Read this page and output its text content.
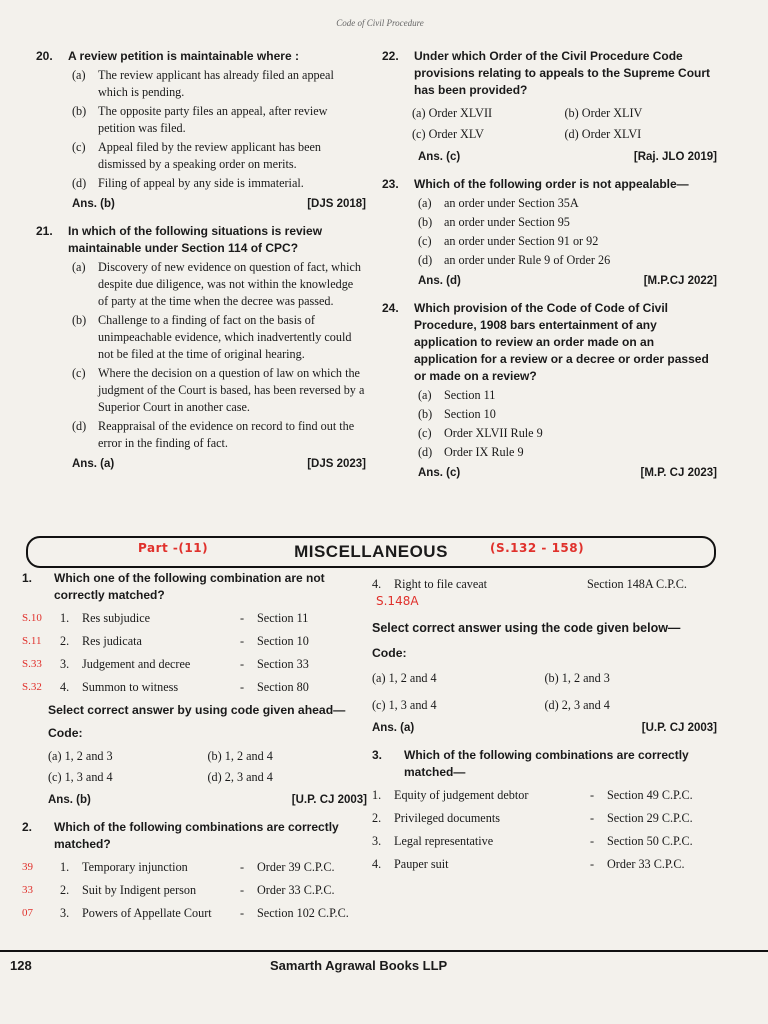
Code of Civil Procedure
20.	A review petition is maintainable where :
(a)	The review applicant has already filed an appeal which is pending.
(b) The opposite party files an appeal, after review petition was filed.
(c)	Appeal filed by the review applicant has been dismissed by a speaking order on merits.
(d) Filing of appeal by any side is immaterial.
Ans. (b)	[DJS 2018]
21.	In which of the following situations is review maintainable under Section 114 of CPC?
(a)	Discovery of new evidence on question of fact, which despite due diligence, was not within the knowledge of party at the time when the decree was passed.
(b) Challenge to a finding of fact on the basis of unimpeachable evidence, which inadvertently could not be filed at the time of original hearing.
(c)	Where the decision on a question of law on which the judgment of the Court is based, has been reversed by a Superior Court in another case.
(d) Reappraisal of the evidence on record to find out the error in the finding of fact.
Ans. (a)	[DJS 2023]
22.	Under which Order of the Civil Procedure Code provisions relating to appeals to the Supreme Court has been provided?
(a) Order XLVII	(b) Order XLIV
(c) Order XLV	(d) Order XLVI
Ans. (c)	[Raj. JLO 2019]
23.	Which of the following order is not appealable—
(a)	an order under Section 35A
(b) an order under Section 95
(c)	an order under Section 91 or 92
(d) an order under Rule 9 of Order 26
Ans. (d)	[M.P.CJ 2022]
24.	Which provision of the Code of Code of Civil Procedure, 1908 bars entertainment of any application to review an order made on an application for a review or a decree or order passed or made on a review?
(a)	Section 11
(b) Section 10
(c)	Order XLVII Rule 9
(d) Order IX Rule 9
Ans. (c)	[M.P. CJ 2023]
Part -(11)	MISCELLANEOUS	(S.132 - 158)
1.	Which one of the following combination are not correctly matched?
S.10	1.	Res subjudice	-	Section 11
S.11	2.	Res judicata	-	Section 10
S.33	3.	Judgement and decree	-	Section 33
S.32	4.	Summon to witness	-	Section 80
Select correct answer by using code given ahead—
Code:
(a) 1, 2 and 3	(b) 1, 2 and 4
(c) 1, 3 and 4	(d) 2, 3 and 4
Ans. (b)	[U.P. CJ 2003]
2.	Which of the following combinations are correctly matched?
39	1.	Temporary injunction	-	Order 39 C.P.C.
33	2.	Suit by Indigent person	-	Order 33 C.P.C.
07	3.	Powers of Appellate Court	-	Section 102 C.P.C.
4.	Right to file caveat	Section 148A C.P.C.
S.148A
Select correct answer using the code given below—
Code:
(a) 1, 2 and 4	(b) 1, 2 and 3
(c) 1, 3 and 4	(d) 2, 3 and 4
Ans. (a)	[U.P. CJ 2003]
3.	Which of the following combinations are correctly matched—
1.	Equity of judgement debtor	-	Section 49 C.P.C.
2.	Privileged documents	-	Section 29 C.P.C.
3.	Legal representative	-	Section 50 C.P.C.
4.	Pauper suit	-	Order 33 C.P.C.
128	Samarth Agrawal Books LLP
